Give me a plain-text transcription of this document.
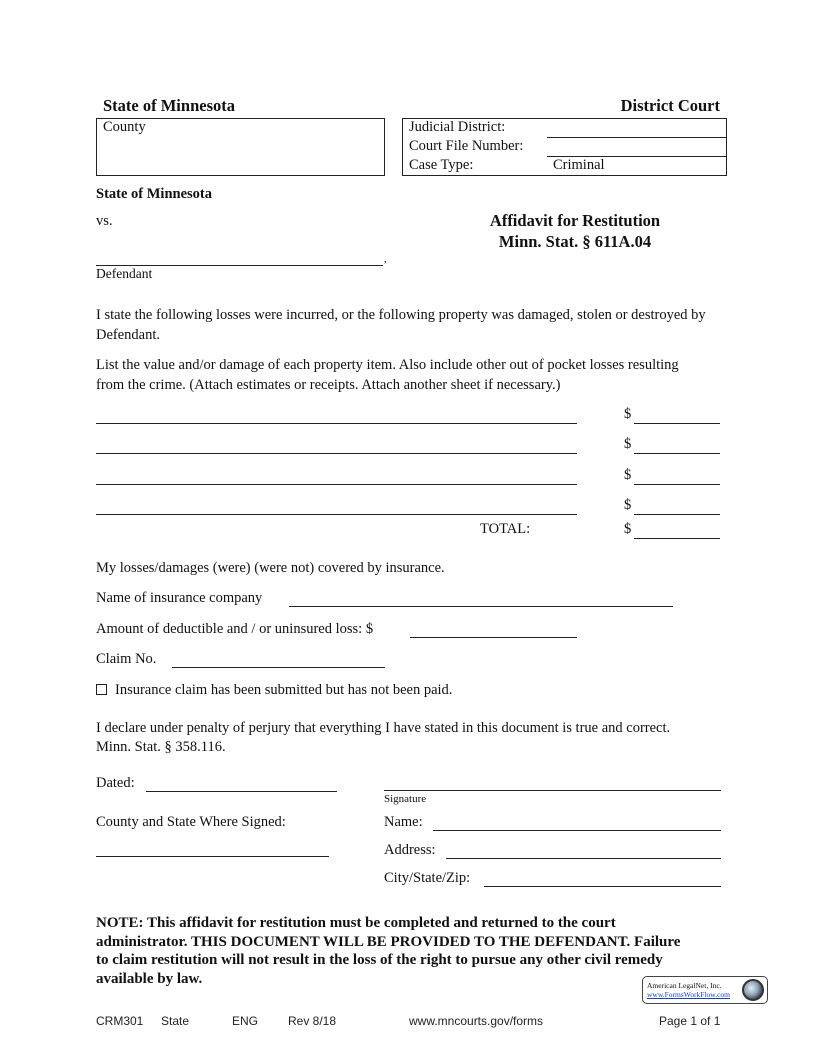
State of Minnesota	District Court
County	Judicial District:
Court File Number:
Case Type:	Criminal
State of Minnesota
vs.
,
Defendant
Affidavit for Restitution
Minn. Stat. § 611A.04
I state the following losses were incurred, or the following property was damaged, stolen or destroyed by Defendant.
List the value and/or damage of each property item. Also include other out of pocket losses resulting from the crime. (Attach estimates or receipts. Attach another sheet if necessary.)
$
$
$
$
TOTAL:	$
My losses/damages (were) (were not) covered by insurance.
Name of insurance company
Amount of deductible and / or uninsured loss: $
Claim No.
Insurance claim has been submitted but has not been paid.
I declare under penalty of perjury that everything I have stated in this document is true and correct. Minn. Stat. § 358.116.
Dated:
Signature
County and State Where Signed:	Name:
Address:
City/State/Zip:
NOTE: This affidavit for restitution must be completed and returned to the court administrator. THIS DOCUMENT WILL BE PROVIDED TO THE DEFENDANT. Failure to claim restitution will not result in the loss of the right to pursue any other civil remedy available by law.	American LegalNet, Inc.
www.FormsWorkFlow.com
CRM301 State	ENG Rev 8/18	www.mncourts.gov/forms	Page 1 of 1
